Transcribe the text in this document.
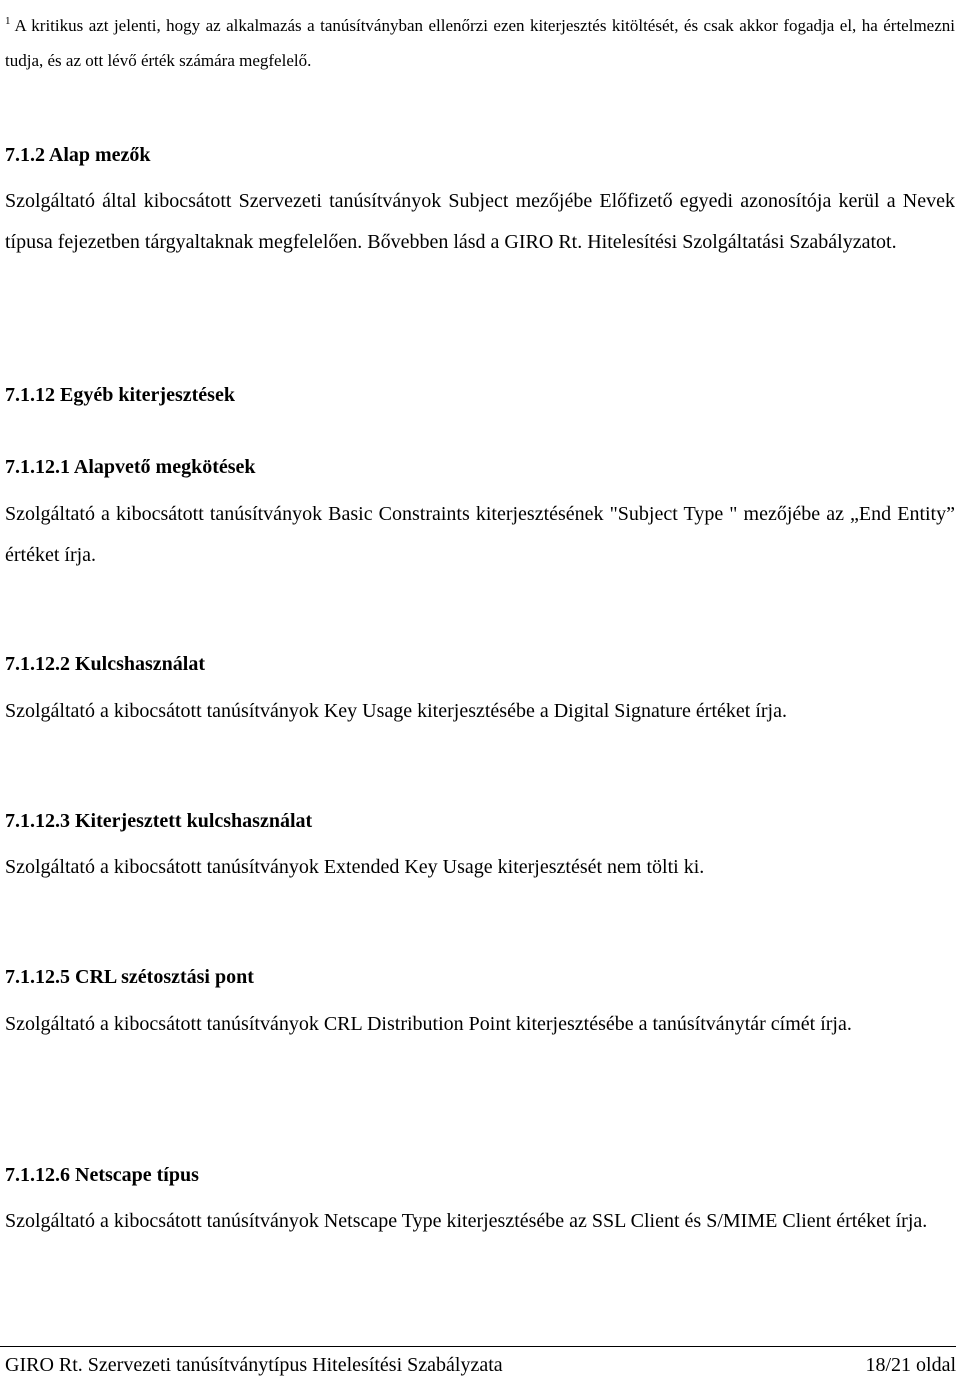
$^1$ A kritikus azt jelenti, hogy az alkalmazás a tanúsítványban ellenőrzi ezen kiterjesztés kitöltését, és csak akkor fogadja el, ha értelmezni tudja, és az ott lévő érték számára megfelelő.
7.1.2 Alap mezők

Szolgáltató által kibocsátott Szervezeti tanúsítványok Subject mezőjébe Előfizető egyedi azonosítója kerül a Nevek típusa fejezetben tárgyaltaknak megfelelően. Bővebben lásd a GIRO Rt. Hitelesítési Szolgáltatási Szabályzatot.

7.1.12 Egyéb kiterjesztések
7.1.12.1 Alapvető megkötések

Szolgáltató a kibocsátott tanúsítványok Basic Constraints kiterjesztésének "Subject Type " mezőjébe az „End Entity” értéket írja.

7.1.12.2 Kulcshasználat

Szolgáltató a kibocsátott tanúsítványok Key Usage kiterjesztésébe a Digital Signature értéket írja.

7.1.12.3 Kiterjesztett kulcshasználat

Szolgáltató a kibocsátott tanúsítványok Extended Key Usage kiterjesztését nem tölti ki.

7.1.12.5 CRL szétosztási pont

Szolgáltató a kibocsátott tanúsítványok CRL Distribution Point kiterjesztésébe a tanúsítványtár címét írja.

7.1.12.6 Netscape típus

Szolgáltató a kibocsátott tanúsítványok Netscape Type kiterjesztésébe az SSL Client és S/MIME Client értéket írja.

GIRO Rt. Szervezeti tanúsítványtípus Hitelesítési Szabályzata	18/21 oldal
